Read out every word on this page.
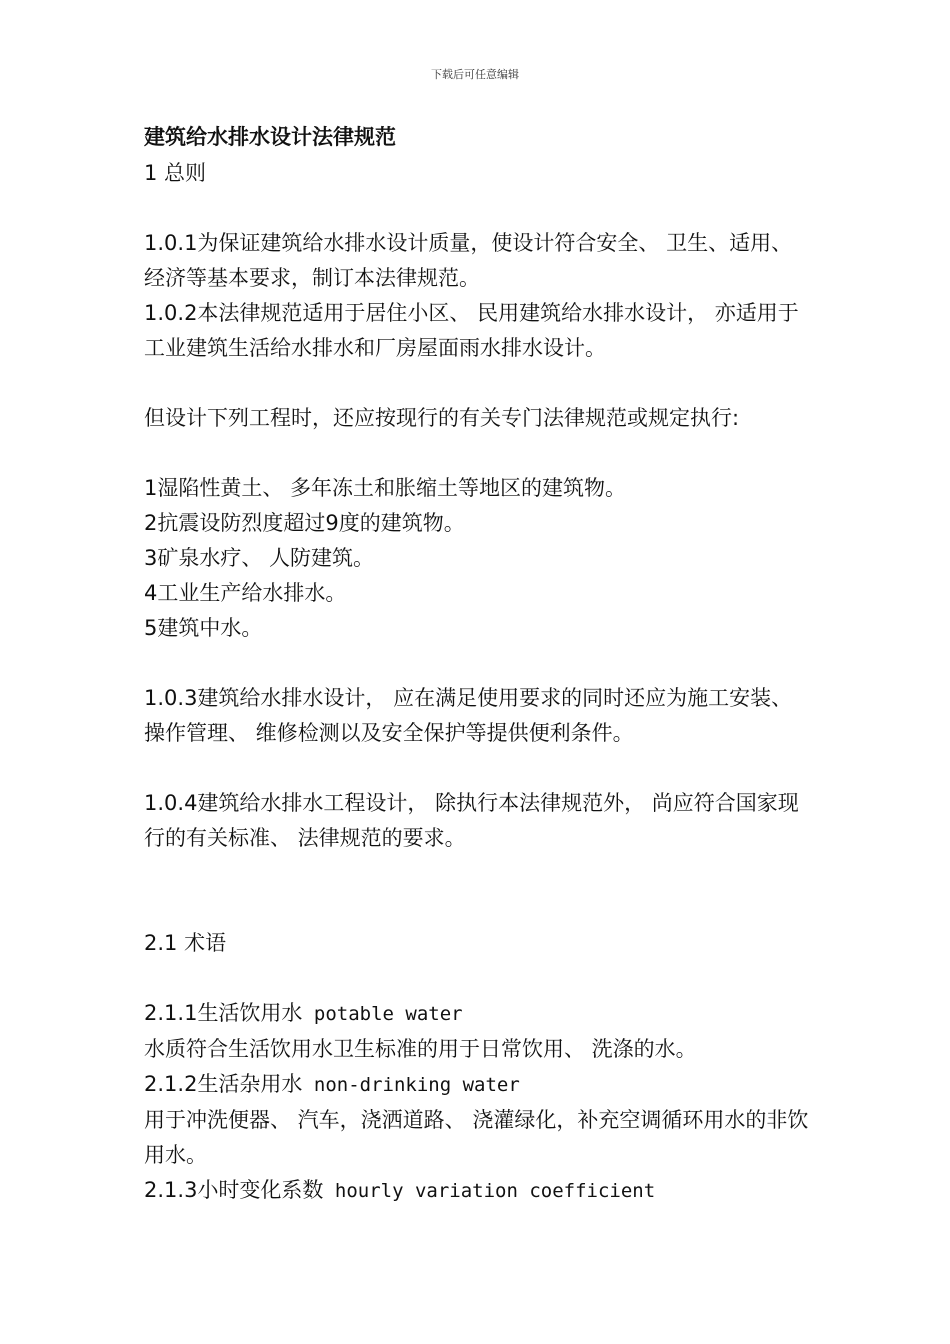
下载后可任意编辑

建筑给水排水设计法律规范

1 总则

1.0.1为保证建筑给水排水设计质量，使设计符合安全、 卫生、适用、 经济等基本要求，制订本法律规范。

1.0.2本法律规范适用于居住小区、 民用建筑给水排水设计， 亦适用于工业建筑生活给水排水和厂房屋面雨水排水设计。

但设计下列工程时，还应按现行的有关专门法律规范或规定执行:

1湿陷性黄土、 多年冻土和胀缩土等地区的建筑物。

2抗震设防烈度超过9度的建筑物。

3矿泉水疗、 人防建筑。

4工业生产给水排水。

5建筑中水。

1.0.3建筑给水排水设计， 应在满足使用要求的同时还应为施工安装、 操作管理、 维修检测以及安全保护等提供便利条件。

1.0.4建筑给水排水工程设计， 除执行本法律规范外， 尚应符合国家现行的有关标准、 法律规范的要求。

2.1 术语

2.1.1生活饮用水 potable water

水质符合生活饮用水卫生标准的用于日常饮用、 洗涤的水。

2.1.2生活杂用水 non-drinking water

用于冲洗便器、 汽车，浇洒道路、 浇灌绿化，补充空调循环用水的非饮用水。

2.1.3小时变化系数 hourly variation coefficient
